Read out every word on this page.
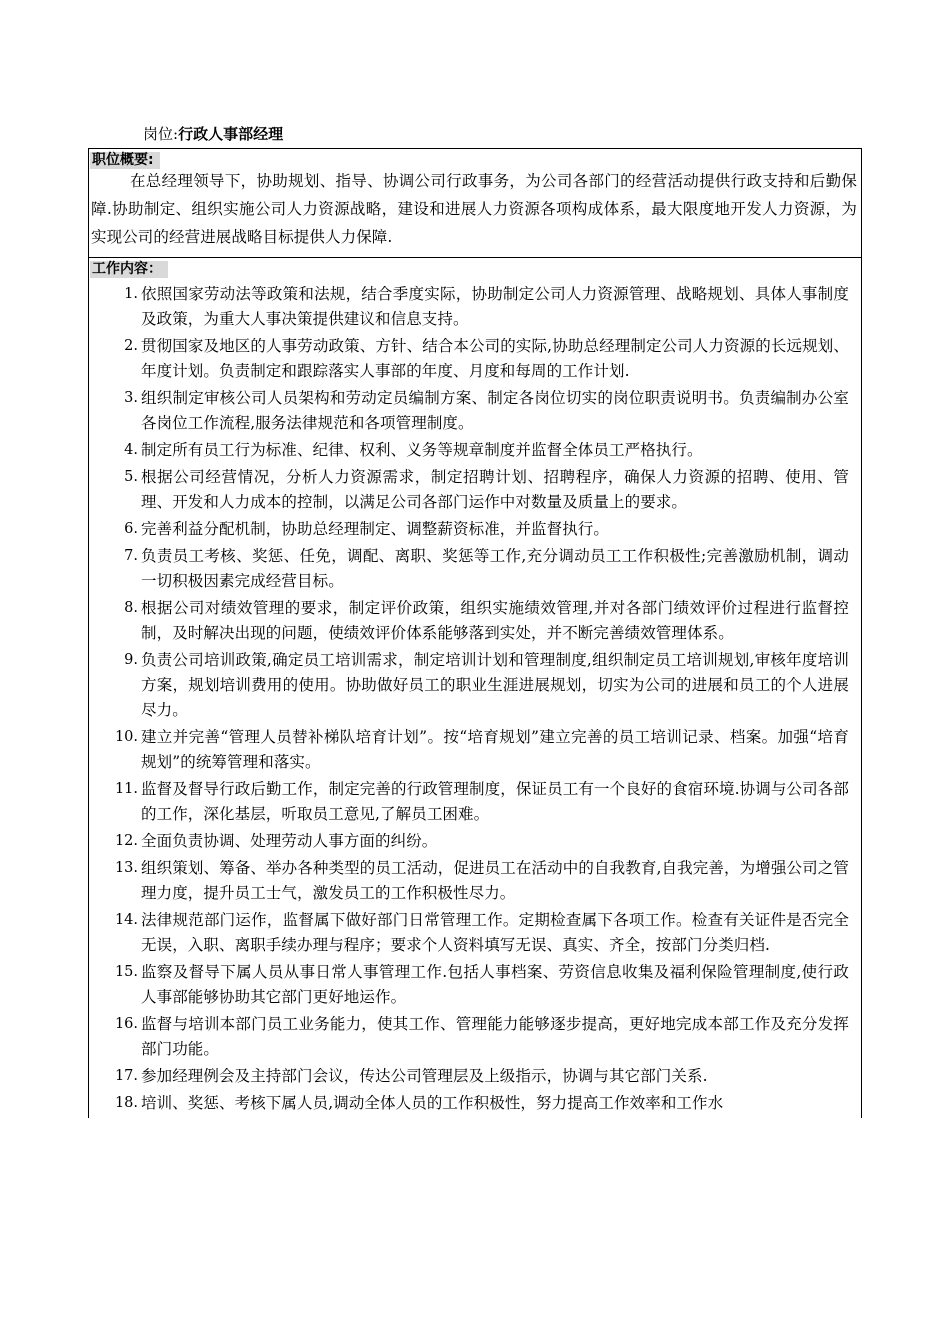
岗位:行政人事部经理
职位概要:

在总经理领导下，协助规划、指导、协调公司行政事务，为公司各部门的经营活动提供行政支持和后勤保障.协助制定、组织实施公司人力资源战略，建设和进展人力资源各项构成体系，最大限度地开发人力资源，为实现公司的经营进展战略目标提供人力保障.

工作内容：
1. 依照国家劳动法等政策和法规，结合季度实际，协助制定公司人力资源管理、战略规划、具体人事制度及政策，为重大人事决策提供建议和信息支持。
2. 贯彻国家及地区的人事劳动政策、方针、结合本公司的实际,协助总经理制定公司人力资源的长远规划、年度计划。负责制定和跟踪落实人事部的年度、月度和每周的工作计划.
3. 组织制定审核公司人员架构和劳动定员编制方案、制定各岗位切实的岗位职责说明书。负责编制办公室各岗位工作流程,服务法律规范和各项管理制度。
4. 制定所有员工行为标准、纪律、权利、义务等规章制度并监督全体员工严格执行。
5. 根据公司经营情况，分析人力资源需求，制定招聘计划、招聘程序，确保人力资源的招聘、使用、管理、开发和人力成本的控制，以满足公司各部门运作中对数量及质量上的要求。
6. 完善利益分配机制，协助总经理制定、调整薪资标准，并监督执行。
7. 负责员工考核、奖惩、任免，调配、离职、奖惩等工作,充分调动员工工作积极性;完善激励机制，调动一切积极因素完成经营目标。
8. 根据公司对绩效管理的要求，制定评价政策，组织实施绩效管理,并对各部门绩效评价过程进行监督控制，及时解决出现的问题，使绩效评价体系能够落到实处，并不断完善绩效管理体系。
9. 负责公司培训政策,确定员工培训需求，制定培训计划和管理制度,组织制定员工培训规划,审核年度培训方案，规划培训费用的使用。协助做好员工的职业生涯进展规划，切实为公司的进展和员工的个人进展尽力。
10. 建立并完善“管理人员替补梯队培育计划”。按“培育规划”建立完善的员工培训记录、档案。加强“培育规划”的统筹管理和落实。
11. 监督及督导行政后勤工作，制定完善的行政管理制度，保证员工有一个良好的食宿环境.协调与公司各部的工作，深化基层，听取员工意见,了解员工困难。
12. 全面负责协调、处理劳动人事方面的纠纷。
13. 组织策划、筹备、举办各种类型的员工活动，促进员工在活动中的自我教育,自我完善，为增强公司之管理力度，提升员工士气，激发员工的工作积极性尽力。
14. 法律规范部门运作，监督属下做好部门日常管理工作。定期检查属下各项工作。检查有关证件是否完全无误，入职、离职手续办理与程序；要求个人资料填写无误、真实、齐全，按部门分类归档.
15. 监察及督导下属人员从事日常人事管理工作.包括人事档案、劳资信息收集及福利保险管理制度,使行政人事部能够协助其它部门更好地运作。
16. 监督与培训本部门员工业务能力，使其工作、管理能力能够逐步提高，更好地完成本部工作及充分发挥部门功能。
17. 参加经理例会及主持部门会议，传达公司管理层及上级指示，协调与其它部门关系.
18. 培训、奖惩、考核下属人员,调动全体人员的工作积极性，努力提高工作效率和工作水
